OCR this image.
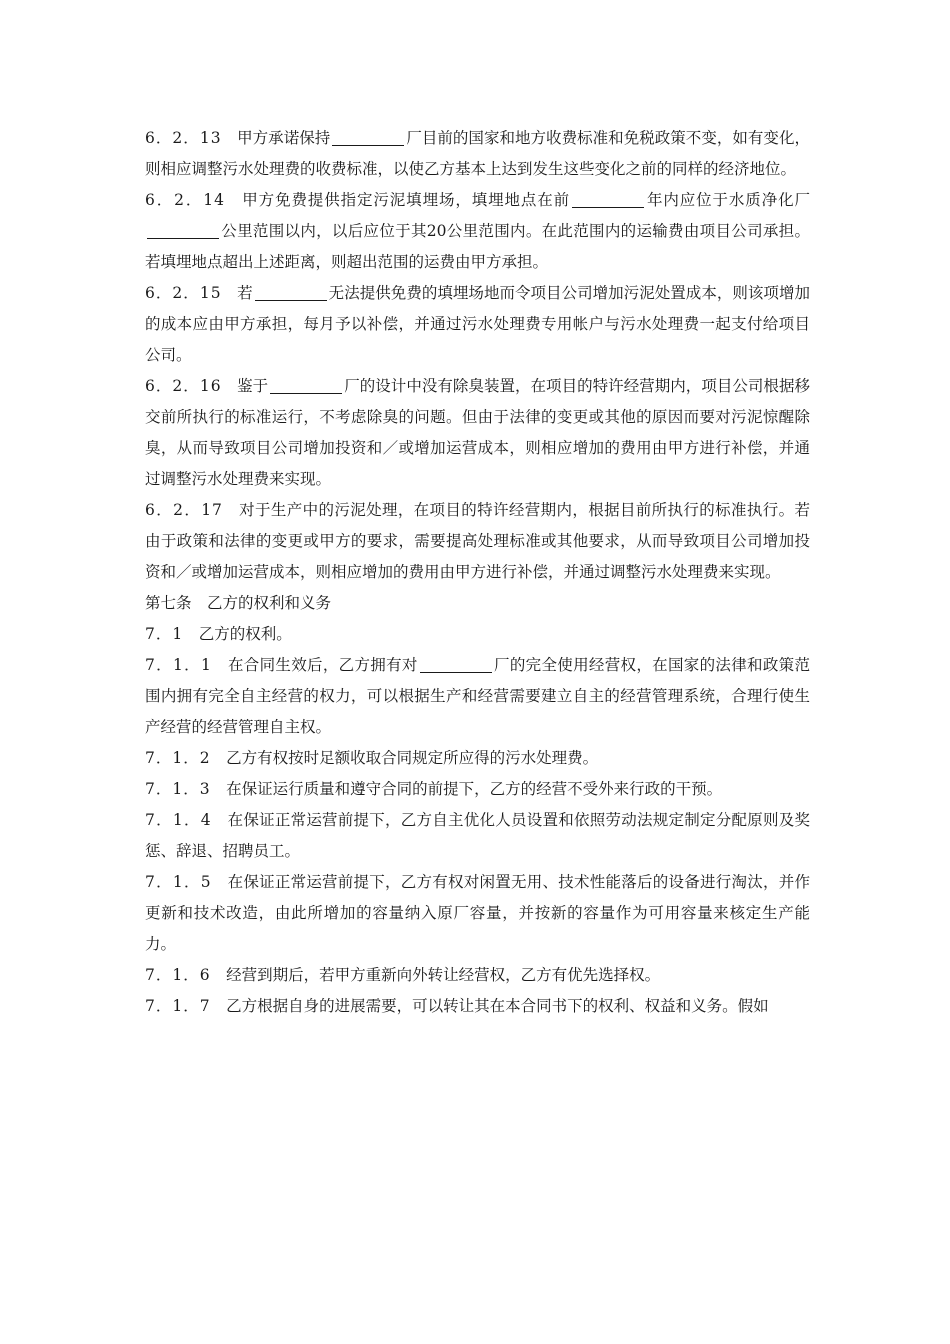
6．2．13　 甲方承诺保持	厂目前的国家和地方收费标准和免税政策不变，如有变化，则相应调整污水处理费的收费标准，以使乙方基本上达到发生这些变化之前的同样的经济地位。

6．2．14　 甲方免费提供指定污泥填埋场，填埋地点在前	年内应位于水质净化厂公里范围以内，以后应位于其20公里范围内。在此范围内的运输费由项目公司承担。若填埋地点超出上述距离，则超出范围的运费由甲方承担。

6．2．15　 若	无法提供免费的填埋场地而令项目公司增加污泥处置成本，则该项增加的成本应由甲方承担，每月予以补偿，并通过污水处理费专用帐户与污水处理费一起支付给项目公司。

6．2．16　 鉴于	厂的设计中没有除臭装置，在项目的特许经营期内，项目公司根据移交前所执行的标准运行，不考虑除臭的问题。但由于法律的变更或其他的原因而要对污泥惊醒除臭，从而导致项目公司增加投资和／或增加运营成本，则相应增加的费用由甲方进行补偿，并通过调整污水处理费来实现。

6．2．17　 对于生产中的污泥处理，在项目的特许经营期内，根据目前所执行的标准执行。若由于政策和法律的变更或甲方的要求，需要提高处理标准或其他要求，从而导致项目公司增加投资和／或增加运营成本，则相应增加的费用由甲方进行补偿，并通过调整污水处理费来实现。

第七条　 乙方的权利和义务

7．1　 乙方的权利。

7．1．1　 在合同生效后，乙方拥有对	厂的完全使用经营权，在国家的法律和政策范围内拥有完全自主经营的权力，可以根据生产和经营需要建立自主的经营管理系统，合理行使生产经营的经营管理自主权。

7．1．2　 乙方有权按时足额收取合同规定所应得的污水处理费。

7．1．3　 在保证运行质量和遵守合同的前提下，乙方的经营不受外来行政的干预。

7．1．4　 在保证正常运营前提下，乙方自主优化人员设置和依照劳动法规定制定分配原则及奖惩、辞退、招聘员工。

7．1．5　 在保证正常运营前提下，乙方有权对闲置无用、技术性能落后的设备进行淘汰，并作更新和技术改造，由此所增加的容量纳入原厂容量，并按新的容量作为可用容量来核定生产能力。

7．1．6　 经营到期后，若甲方重新向外转让经营权，乙方有优先选择权。

7．1．7　 乙方根据自身的进展需要，可以转让其在本合同书下的权利、权益和义务。假如
